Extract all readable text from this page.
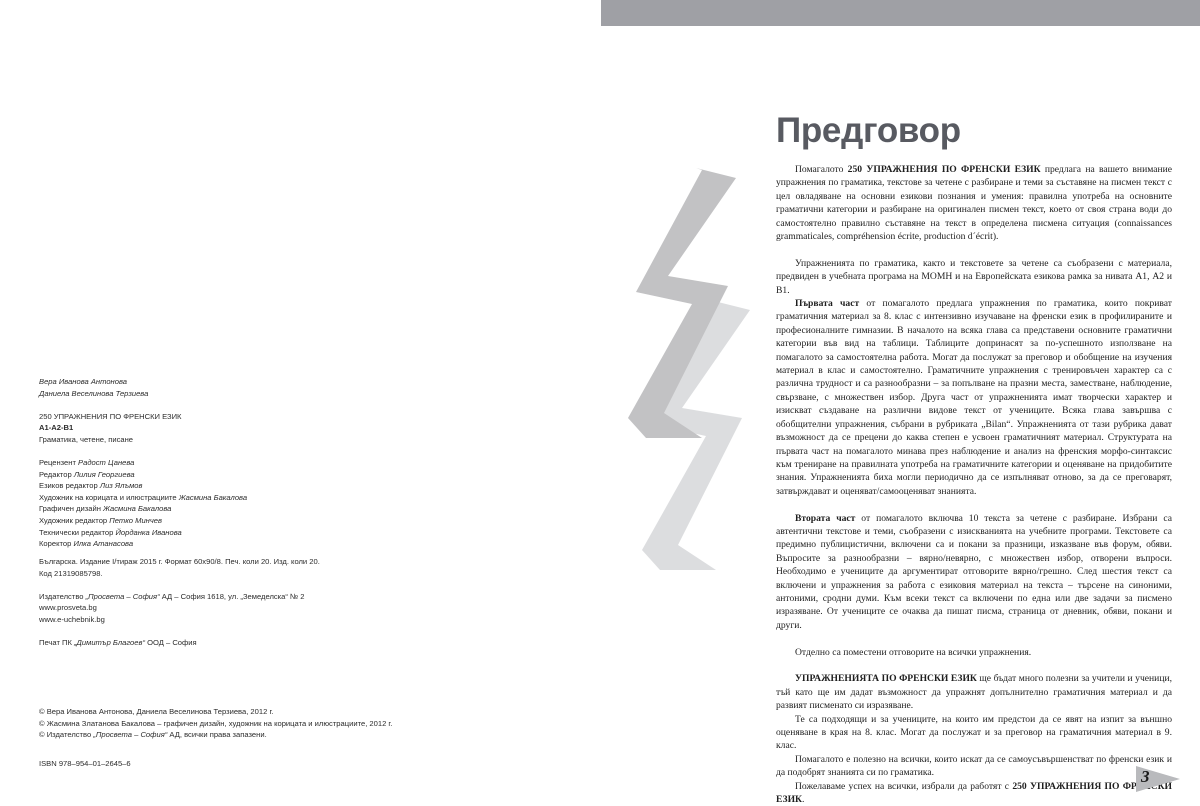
Вера Иванова Антонова
Даниела Веселинова Терзиева
250 УПРАЖНЕНИЯ ПО ФРЕНСКИ ЕЗИК
A1-A2-B1
Граматика, четене, писане
Рецензент Радост Цанева
Редактор Лилия Георгиева
Езиков редактор Лиз Ялъмов
Художник на корицата и илюстрациите Жасмина Бакалова
Графичен дизайн Жасмина Бакалова
Художник редактор Петко Минчев
Технически редактор Йорданка Иванова
Коректор Илка Атанасова
Българска. Издание I/тираж 2015 г. Формат 60х90/8. Печ. коли 20. Изд. коли 20.
Код 21319085798.
Издателство „Просвета – София“ АД – София 1618, ул. „Земеделска“ № 2
www.prosveta.bg
www.e-uchebnik.bg
Печат ПК „Димитър Благоев“ ООД – София
© Вера Иванова Антонова, Даниела Веселинова Терзиева, 2012 г.
© Жасмина Златанова Бакалова – графичен дизайн, художник на корицата и илюстрациите, 2012 г.
© Издателство „Просвета – София“ АД, всички права запазени.
ISBN 978–954–01–2645–6
Предговор

Помагалото 250 УПРАЖНЕНИЯ ПО ФРЕНСКИ ЕЗИК предлага на вашето внимание упражнения по граматика, текстове за четене с разбиране и теми за съставяне на писмен текст с цел овладяване на основни езикови познания и умения: правилна употреба на основните граматични категории и разбиране на оригинален писмен текст, което от своя страна води до самостоятелно правилно съставяне на текст в определена писмена ситуация (connaissances grammaticales, compréhension écrite, production d´écrit).

Упражненията по граматика, както и текстовете за четене са съобразени с материала, предвиден в учебната програма на МОМН и на Европейската езикова рамка за нивата А1, А2 и В1.

Първата част от помагалото предлага упражнения по граматика, които покриват граматичния материал за 8. клас с интензивно изучаване на френски език в профилираните и професионалните гимназии. В началото на всяка глава са представени основните граматични категории във вид на таблици. Таблиците допринасят за по-успешното използване на помагалото за самостоятелна работа. Могат да послужат за преговор и обобщение на изучения материал в клас и самостоятелно. Граматичните упражнения с тренировъчен характер са с различна трудност и са разнообразни – за попълване на празни места, заместване, наблюдение, свързване, с множествен избор. Друга част от упражненията имат творчески характер и изискват създаване на различни видове текст от учениците. Всяка глава завършва с обобщителни упражнения, събрани в рубриката „Bilan“. Упражненията от тази рубрика дават възможност да се прецени до каква степен е усвоен граматичният материал. Структурата на първата част на помагалото минава през наблюдение и анализ на френския морфо-синтаксис към трениране на правилната употреба на граматичните категории и оценяване на придобитите знания. Упражненията биха могли периодично да се изпълняват отново, за да се преговарят, затвърждават и оценяват/самооценяват знанията.

Втората част от помагалото включва 10 текста за четене с разбиране. Избрани са автентични текстове и теми, съобразени с изискванията на учебните програми. Текстовете са предимно публицистични, включени са и покани за празници, изказване във форум, обяви. Въпросите за разнообразни – вярно/невярно, с множествен избор, отворени въпроси. Необходимо е учениците да аргументират отговорите вярно/грешно. След шестия текст са включени и упражнения за работа с езиковия материал на текста – търсене на синоними, антоними, сродни думи. Към всеки текст са включени по една или две задачи за писмено изразяване. От учениците се очаква да пишат писма, страница от дневник, обяви, покани и други.

Отделно са поместени отговорите на всички упражнения.

УПРАЖНЕНИЯТА ПО ФРЕНСКИ ЕЗИК ще бъдат много полезни за учители и ученици, тъй като ще им дадат възможност да упражнят допълнително граматичния материал и да развият писменато си изразяване.

Те са подходящи и за учениците, на които им предстои да се явят на изпит за външно оценяване в края на 8. клас. Могат да послужат и за преговор на граматичния материал в 9. клас.

Помагалото е полезно на всички, които искат да се самоусъвършенстват по френски език и да подобрят знанията си по граматика.

Пожелаваме успех на всички, избрали да работят с 250 УПРАЖНЕНИЯ ПО ФРЕНСКИ ЕЗИК.

3
